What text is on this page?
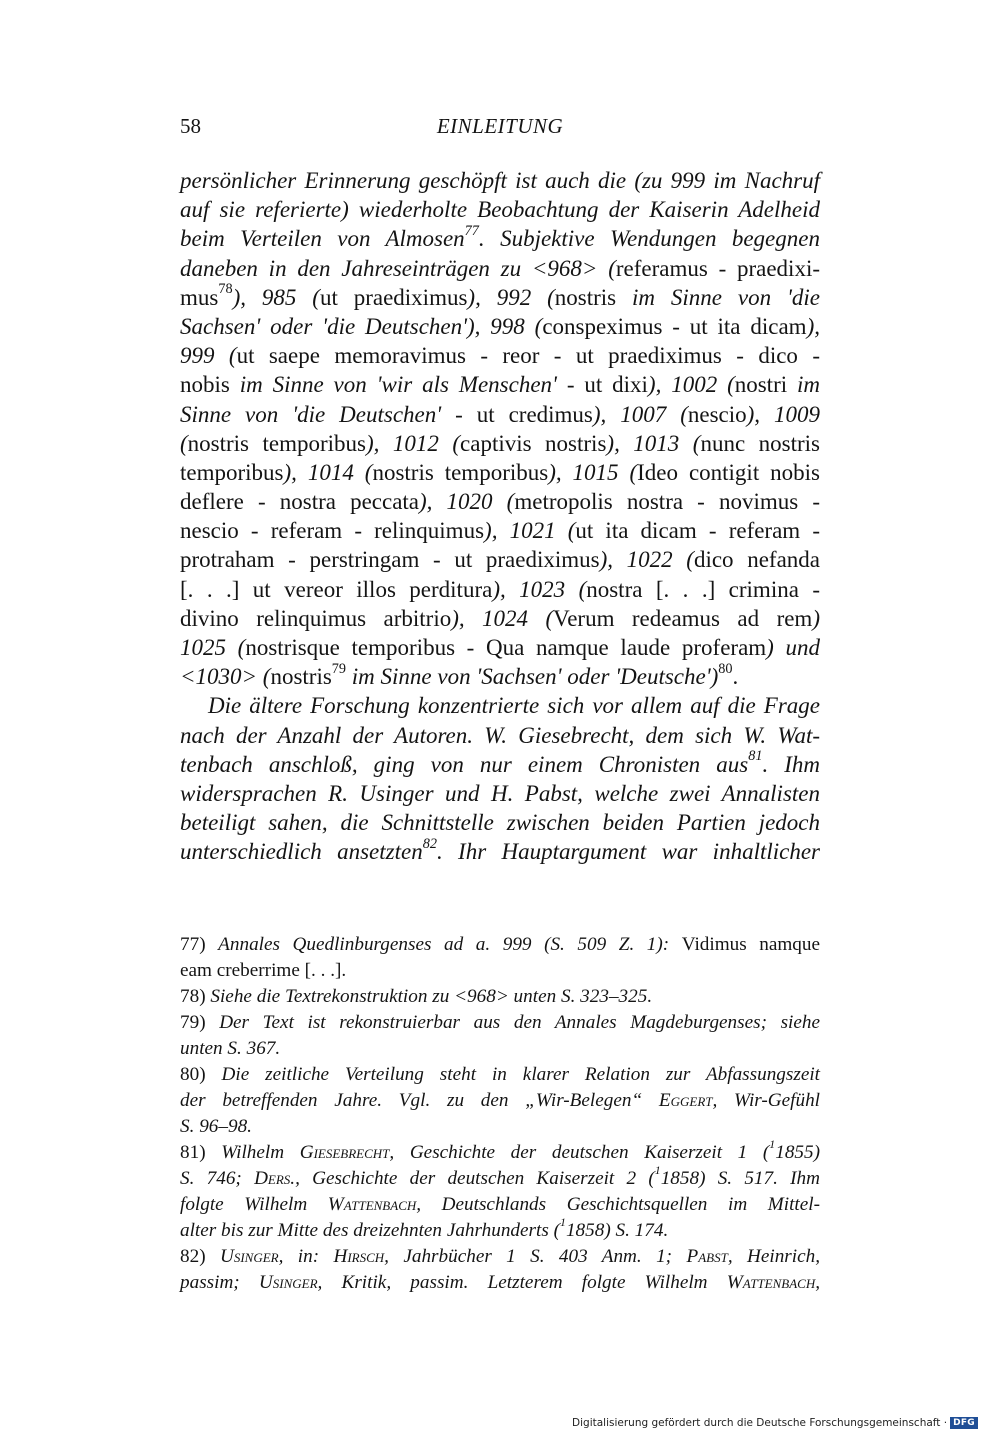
58	EINLEITUNG
persönlicher Erinnerung geschöpft ist auch die (zu 999 im Nachruf
auf sie referierte) wiederholte Beobachtung der Kaiserin Adelheid
beim Verteilen von Almosen$^{77}$. Subjektive Wendungen begegnen
daneben in den Jahreseinträgen zu <968> (referamus - praedixi-
mus$^{78}$), 985 (ut praediximus), 992 (nostris im Sinne von 'die
Sachsen' oder 'die Deutschen'), 998 (conspeximus - ut ita dicam),
999 (ut saepe memoravimus - reor - ut praediximus - dico -
nobis im Sinne von 'wir als Menschen' - ut dixi), 1002 (nostri im
Sinne von 'die Deutschen' - ut credimus), 1007 (nescio), 1009
(nostris temporibus), 1012 (captivis nostris), 1013 (nunc nostris
temporibus), 1014 (nostris temporibus), 1015 (Ideo contigit nobis
deflere - nostra peccata), 1020 (metropolis nostra - novimus -
nescio - referam - relinquimus), 1021 (ut ita dicam - referam -
protraham - perstringam - ut praediximus), 1022 (dico nefanda
[. . .] ut vereor illos perditura), 1023 (nostra [. . .] crimina -
divino relinquimus arbitrio), 1024 (Verum redeamus ad rem)
1025 (nostrisque temporibus - Qua namque laude proferam) und
<1030> (nostris$^{79}$ im Sinne von 'Sachsen' oder 'Deutsche')$^{80}$.
Die ältere Forschung konzentrierte sich vor allem auf die Frage
nach der Anzahl der Autoren. W. Giesebrecht, dem sich W. Wat-
tenbach anschloß, ging von nur einem Chronisten aus$^{81}$. Ihm
widersprachen R. Usinger und H. Pabst, welche zwei Annalisten
beteiligt sahen, die Schnittstelle zwischen beiden Partien jedoch
unterschiedlich ansetzten$^{82}$. Ihr Hauptargument war inhaltlicher
77) Annales Quedlinburgenses ad a. 999 (S. 509 Z. 1): Vidimus namque
eam creberrime [. . .].
78) Siehe die Textrekonstruktion zu <968> unten S. 323–325.
79) Der Text ist rekonstruierbar aus den Annales Magdeburgenses; siehe
unten S. 367.
80) Die zeitliche Verteilung steht in klarer Relation zur Abfassungszeit
der betreffenden Jahre. Vgl. zu den „Wir-Belegen“ Eggert, Wir-Gefühl
S. 96–98.
81) Wilhelm Giesebrecht, Geschichte der deutschen Kaiserzeit 1 ($^1$1855)
S. 746; Ders., Geschichte der deutschen Kaiserzeit 2 ($^1$1858) S. 517. Ihm
folgte Wilhelm Wattenbach, Deutschlands Geschichtsquellen im Mittel-
alter bis zur Mitte des dreizehnten Jahrhunderts ($^1$1858) S. 174.
82) Usinger, in: Hirsch, Jahrbücher 1 S. 403 Anm. 1; Pabst, Heinrich,
passim; Usinger, Kritik, passim. Letzterem folgte Wilhelm Wattenbach,
Digitalisierung gefördert durch die Deutsche Forschungsgemeinschaft · DFG
